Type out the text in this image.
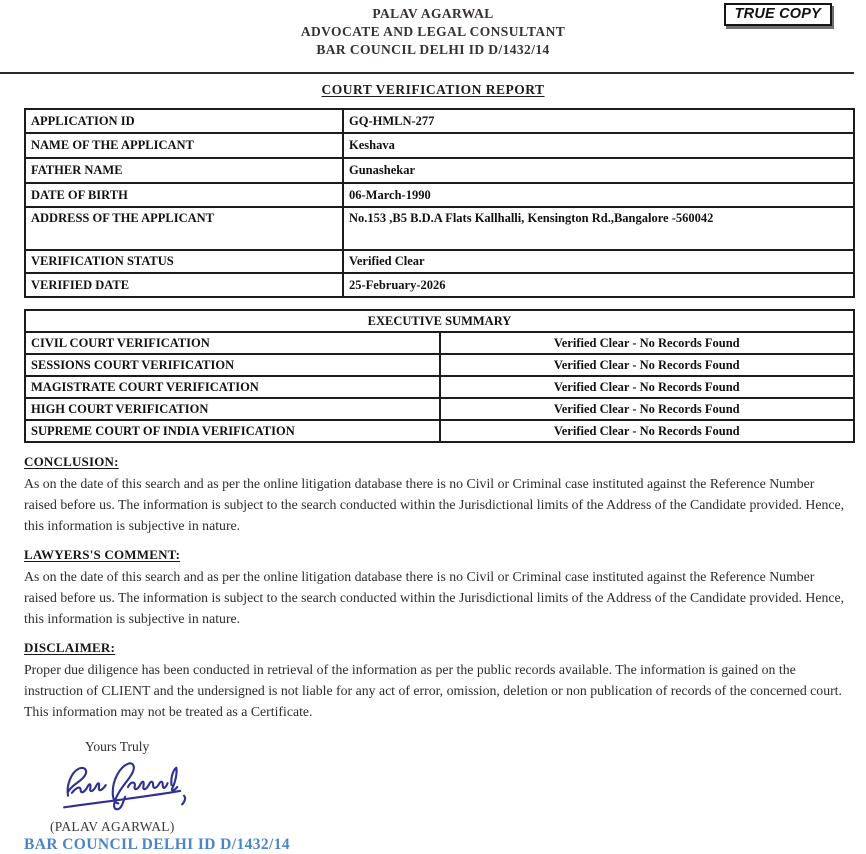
PALAV AGARWAL
ADVOCATE AND LEGAL CONSULTANT
BAR COUNCIL DELHI ID D/1432/14
TRUE COPY
COURT VERIFICATION REPORT
APPLICATION ID	GQ-HMLN-277
NAME OF THE APPLICANT	Keshava
FATHER NAME	Gunashekar
DATE OF BIRTH	06-March-1990
ADDRESS OF THE APPLICANT	No.153 ,B5 B.D.A Flats Kallhalli, Kensington Rd.,Bangalore -560042
VERIFICATION STATUS	Verified Clear
VERIFIED DATE	25-February-2026
EXECUTIVE SUMMARY	
CIVIL COURT VERIFICATION	Verified Clear - No Records Found
SESSIONS COURT VERIFICATION	Verified Clear - No Records Found
MAGISTRATE COURT VERIFICATION	Verified Clear - No Records Found
HIGH COURT VERIFICATION	Verified Clear - No Records Found
SUPREME COURT OF INDIA VERIFICATION	Verified Clear - No Records Found
CONCLUSION:
As on the date of this search and as per the online litigation database there is no Civil or Criminal case instituted against the Reference Number raised before us. The information is subject to the search conducted within the Jurisdictional limits of the Address of the Candidate provided. Hence, this information is subjective in nature.
LAWYERS'S COMMENT:
As on the date of this search and as per the online litigation database there is no Civil or Criminal case instituted against the Reference Number raised before us. The information is subject to the search conducted within the Jurisdictional limits of the Address of the Candidate provided. Hence, this information is subjective in nature.
DISCLAIMER:
Proper due diligence has been conducted in retrieval of the information as per the public records available. The information is gained on the instruction of CLIENT and the undersigned is not liable for any act of error, omission, deletion or non publication of records of the concerned court. This information may not be treated as a Certificate.
Yours Truly
(PALAV AGARWAL)
BAR COUNCIL DELHI ID D/1432/14
